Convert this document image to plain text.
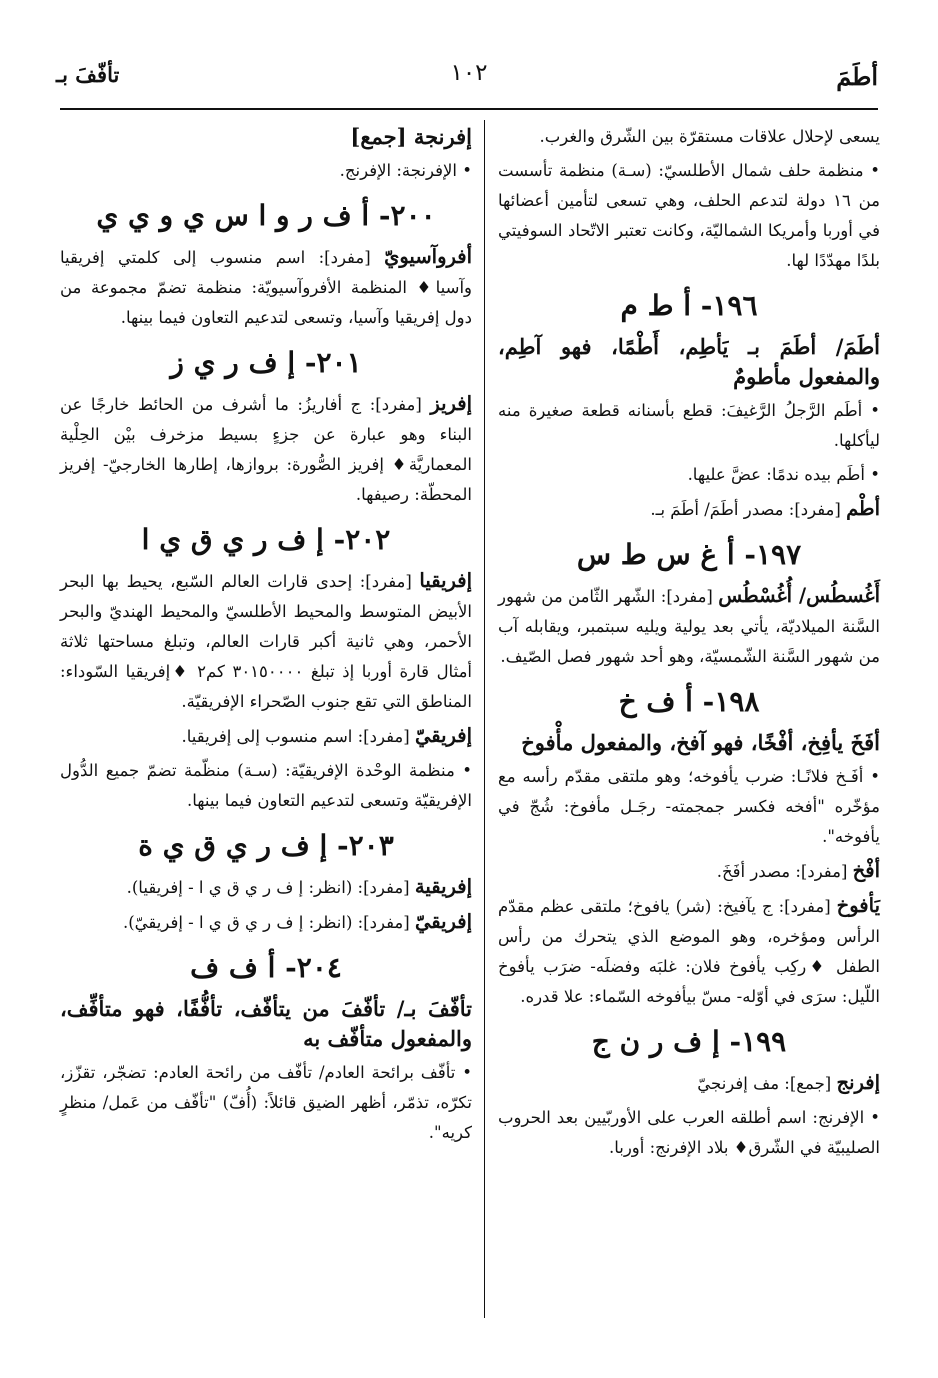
أطَمَ
١٠٢
تأفّفَ بـ

يسعى لإحلال علاقات مستقرّة بين الشّرق والغرب.

• منظمة حلف شمال الأطلسيّ: (سـة) منظمة تأسست من ١٦ دولة لتدعم الحلف، وهي تسعى لتأمين أعضائها في أوربا وأمريكا الشماليّة، وكانت تعتبر الاتّحاد السوفيتي بلدًا مهدّدًا لها.

١٩٦- أ ط م

أطَمَ/ أطَمَ بـ يَأطِم، أَطْمًا، فهو آطِم، والمفعول مأطومٌ

• أطَم الرَّجلُ الرَّغيفَ: قطع بأسنانه قطعة صغيرة منه ليأكلها.

• أطَم بيده ندمًا: عضَّ عليها.

أطْم [مفرد]: مصدر أطَمَ/ أطَمَ بـ.

١٩٧- أ غ س ط س

أَغُسطُس/ أُغُسْطُس [مفرد]: الشّهر الثّامن من شهور السَّنة الميلاديّة، يأتي بعد يولية ويليه سبتمبر، ويقابله آب من شهور السَّنة الشّمسيّة، وهو أحد شهور فصل الصّيف.

١٩٨- أ ف خ

أفَخَ يأفِخ، أفْخًا، فهو آفخ، والمفعول مأْفوخ

• أفَـخ فلانًـا: ضرب يأفوخه؛ وهو ملتقى مقدّم رأسه مع مؤخّره "أفخه فكسر جمجمته- رجَـل مأفوخ: شُجّ في يأفوخه".

أفْخ [مفرد]: مصدر أفَخَ.

يَأفوخ [مفرد]: ج يآفيخ: (شر) يافوخ؛ ملتقى عظم مقدّم الرأس ومؤخره، وهو الموضع الذي يتحرك من رأس الطفل ♦ركِب يأفوخ فلان: غلبَه وفضلَه- ضرَب يأفوخ اللّيل: سرَى في أوّله- مسّ بيأفوخه السّماء: علا قدره.

١٩٩- إ ف ر ن ج

إفرنج [جمع]: مف إفرنجيّ

• الإفرنج: اسم أطلقه العرب على الأوربّيين بعد الحروب الصليبيّة في الشّرق♦ بلاد الإفرنج: أوربا.

إفرنجة [جمع]

• الإفرنجة: الإفرنج.

٢٠٠- أ ف ر و ا س ي و ي ي

أفروآسيويّ [مفرد]: اسم منسوب إلى كلمتي إفريقيا وآسيا♦ المنظمة الأفروآسيويّة: منظمة تضمّ مجموعة من دول إفريقيا وآسيا، وتسعى لتدعيم التعاون فيما بينها.

٢٠١- إ ف ر ي ز

إفريز [مفرد]: ج أفاريزُ: ما أشرف من الحائط خارجًا عن البناء وهو عبارة عن جزءٍ بسيط مزخرف بيْن الحِلْية المعماريَّة♦ إفريز الصُّورة: بروازها، إطارها الخارجيّ- إفريز المحطّة: رصيفها.

٢٠٢- إ ف ر ي ق ي ا

إفريقيا [مفرد]: إحدى قارات العالم السّبع، يحيط بها البحر الأبيض المتوسط والمحيط الأطلسيّ والمحيط الهنديّ والبحر الأحمر، وهي ثانية أكبر قارات العالم، وتبلغ مساحتها ثلاثة أمثال قارة أوربا إذ تبلغ ٣٠١٥٠٠٠٠ كم٢ ♦إفريقيا السّوداء: المناطق التي تقع جنوب الصّحراء الإفريقيّة.

إفريقيّ [مفرد]: اسم منسوب إلى إفريقيا.

• منظمة الوحْدة الإفريقيّة: (سـة) منظّمة تضمّ جميع الدُّول الإفريقيّة وتسعى لتدعيم التعاون فيما بينها.

٢٠٣- إ ف ر ي ق ي ة

إفريقية [مفرد]: (انظر: إ ف ر ي ق ي ا - إفريقيا).

إفريقيّ [مفرد]: (انظر: إ ف ر ي ق ي ا - إفريقيّ).

٢٠٤- أ ف ف

تأفّفَ بـ/ تأفّفَ من يتأفّف، تأفُّفًا، فهو متأفِّف، والمفعول متأفّف به

• تأفّف برائحة العادم/ تأفّف من رائحة العادم: تضجّر، تقزّز، تكرّه، تذمّر، أظهر الضيق قائلاً: (أُفّ) "تأفّف من عَمل/ منظرٍ كريه".
